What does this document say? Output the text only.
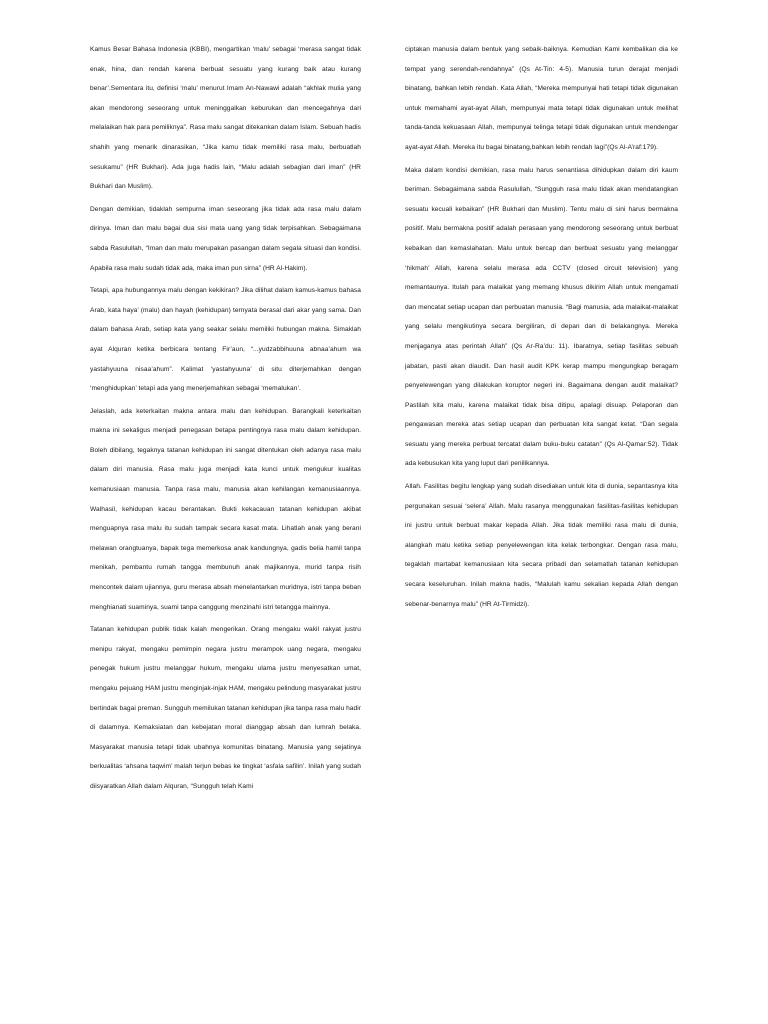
Kamus Besar Bahasa Indonesia (KBBI), mengartikan ‘malu’ sebagai ‘merasa sangat tidak enak, hina, dan rendah karena berbuat sesuatu yang kurang baik atau kurang benar’.Sementara itu, definisi ‘malu’ menurut Imam An-Nawawi adalah “akhlak mulia yang akan mendorong seseorang untuk meninggalkan keburukan dan mencegahnya dari melalaikan hak para pemiliknya”. Rasa malu sangat ditekankan dalam Islam. Sebuah hadis shahih yang menarik dinarasikan, “Jika kamu tidak memiliki rasa malu, berbuatlah sesukamu” (HR Bukhari). Ada juga hadis lain, “Malu adalah sebagian dari iman” (HR Bukhari dan Muslim).

Dengan demikian, tidaklah sempurna iman seseorang jika tidak ada rasa malu dalam dirinya. Iman dan malu bagai dua sisi mata uang yang tidak terpisahkan. Sebagaimana sabda Rasulullah, “Iman dan malu merupakan pasangan dalam segala situasi dan kondisi. Apabila rasa malu sudah tidak ada, maka iman pun sirna” (HR Al-Hakim).

Tetapi, apa hubungannya malu dengan kekikiran? Jika dilihat dalam kamus-kamus bahasa Arab, kata haya’ (malu) dan hayah (kehidupan) ternyata berasal dari akar yang sama. Dan dalam bahasa Arab, setiap kata yang seakar selalu memiliki hubungan makna. Simaklah ayat Alquran ketika berbicara tentang Fir’aun, “...yudzabbihuuna abnaa’ahum wa yastahyuuna nisaa’ahum”. Kalimat ‘yastahyuuna’ di situ diterjemahkan dengan ‘menghidupkan’ tetapi ada yang menerjemahkan sebagai ‘memalukan’.

Jelaslah, ada keterkaitan makna antara malu dan kehidupan. Barangkali keterkaitan makna ini sekaligus menjadi penegasan betapa pentingnya rasa malu dalam kehidupan. Boleh dibilang, tegaknya tatanan kehidupan ini sangat ditentukan oleh adanya rasa malu dalam diri manusia. Rasa malu juga menjadi kata kunci untuk mengukur kualitas kemanusiaan manusia. Tanpa rasa malu, manusia akan kehilangan kemanusiaannya. Walhasil, kehidupan kacau berantakan. Bukti kekacauan tatanan kehidupan akibat menguapnya rasa malu itu sudah tampak secara kasat mata. Lihatlah anak yang berani melawan orangtuanya, bapak tega memerkosa anak kandungnya, gadis belia hamil tanpa menikah, pembantu rumah tangga membunuh anak majikannya, murid tanpa risih mencontek dalam ujiannya, guru merasa absah menelantarkan muridnya, istri tanpa beban menghianati suaminya, suami tanpa canggung menzinahi istri tetangga mainnya.

Tatanan kehidupan publik tidak kalah mengerikan. Orang mengaku wakil rakyat justru menipu rakyat, mengaku pemimpin negara justru merampok uang negara, mengaku penegak hukum justru melanggar hukum, mengaku ulama justru menyesatkan umat, mengaku pejuang HAM justru menginjak-injak HAM, mengaku pelindung masyarakat justru bertindak bagai preman. Sungguh memilukan tatanan kehidupan jika tanpa rasa malu hadir di dalamnya. Kemaksiatan dan kebejatan moral dianggap absah dan lumrah belaka. Masyarakat manusia tetapi tidak ubahnya komunitas binatang. Manusia yang sejatinya berkualitas ‘ahsana taqwim’ malah terjun bebas ke tingkat ‘asfala safilin’. Inilah yang sudah diisyaratkan Allah dalam Alquran, “Sungguh telah Kami

ciptakan manusia dalam bentuk yang sebaik-baiknya. Kemudian Kami kembalikan dia ke tempat yang serendah-rendahnya” (Qs At-Tin: 4-5). Manusia turun derajat menjadi binatang, bahkan lebih rendah. Kata Allah, “Mereka mempunyai hati tetapi tidak digunakan untuk memahami ayat-ayat Allah, mempunyai mata tetapi tidak digunakan untuk melihat tanda-tanda kekuasaan Allah, mempunyai telinga tetapi tidak digunakan untuk mendengar ayat-ayat Allah. Mereka itu bagai binatang,bahkan lebih rendah lagi”(Qs Al-A’raf:179).

Maka dalam kondisi demikian, rasa malu harus senantiasa dihidupkan dalam diri kaum beriman. Sebagaimana sabda Rasulullah, “Sungguh rasa malu tidak akan mendatangkan sesuatu kecuali kebaikan” (HR Bukhari dan Muslim). Tentu malu di sini harus bermakna positif. Malu bermakna positif adalah perasaan yang mendorong seseorang untuk berbuat kebaikan dan kemaslahatan. Malu untuk bercap dan berbuat sesuatu yang melanggar ‘hikmah’ Allah, karena selalu merasa ada CCTV (closed circuit television) yang memantaunya. Itulah para malaikat yang memang khusus dikirim Allah untuk mengamati dan mencatat setiap ucapan dan perbuatan manusia. “Bagi manusia, ada malaikat-malaikat yang selalu mengikutinya secara bergiliran, di depan dan di belakangnya. Mereka menjaganya atas perintah Allah” (Qs Ar-Ra’du: 11). Ibaratnya, setiap fasilitas sebuah jabatan, pasti akan diaudit. Dan hasil audit KPK kerap mampu mengungkap beragam penyelewengan yang dilakukan koruptor negeri ini. Bagaimana dengan audit malaikat? Pastilah kita malu, karena malaikat tidak bisa ditipu, apalagi disuap. Pelaporan dan pengawasan mereka atas setiap ucapan dan perbuatan kita sangat ketat. “Dan segala sesuatu yang mereka perbuat tercatat dalam buku-buku catatan” (Qs Al-Qamar:52). Tidak ada kebusukan kita yang luput dari penilikannya.

Allah. Fasilitas begitu lengkap yang sudah disediakan untuk kita di dunia, sepantasnya kita pergunakan sesuai ‘selera’ Allah. Malu rasanya menggunakan fasilitas-fasilitas kehidupan ini justru untuk berbuat makar kepada Allah. Jika tidak memiliki rasa malu di dunia, alangkah malu ketika setiap penyelewengan kita kelak terbongkar. Dengan rasa malu, tegaklah martabat kemanusiaan kita secara pribadi dan selamatlah tatanan kehidupan secara keseluruhan. Inilah makna hadis, “Malulah kamu sekalian kepada Allah dengan sebenar-benarnya malu” (HR At-Tirmidzi).
